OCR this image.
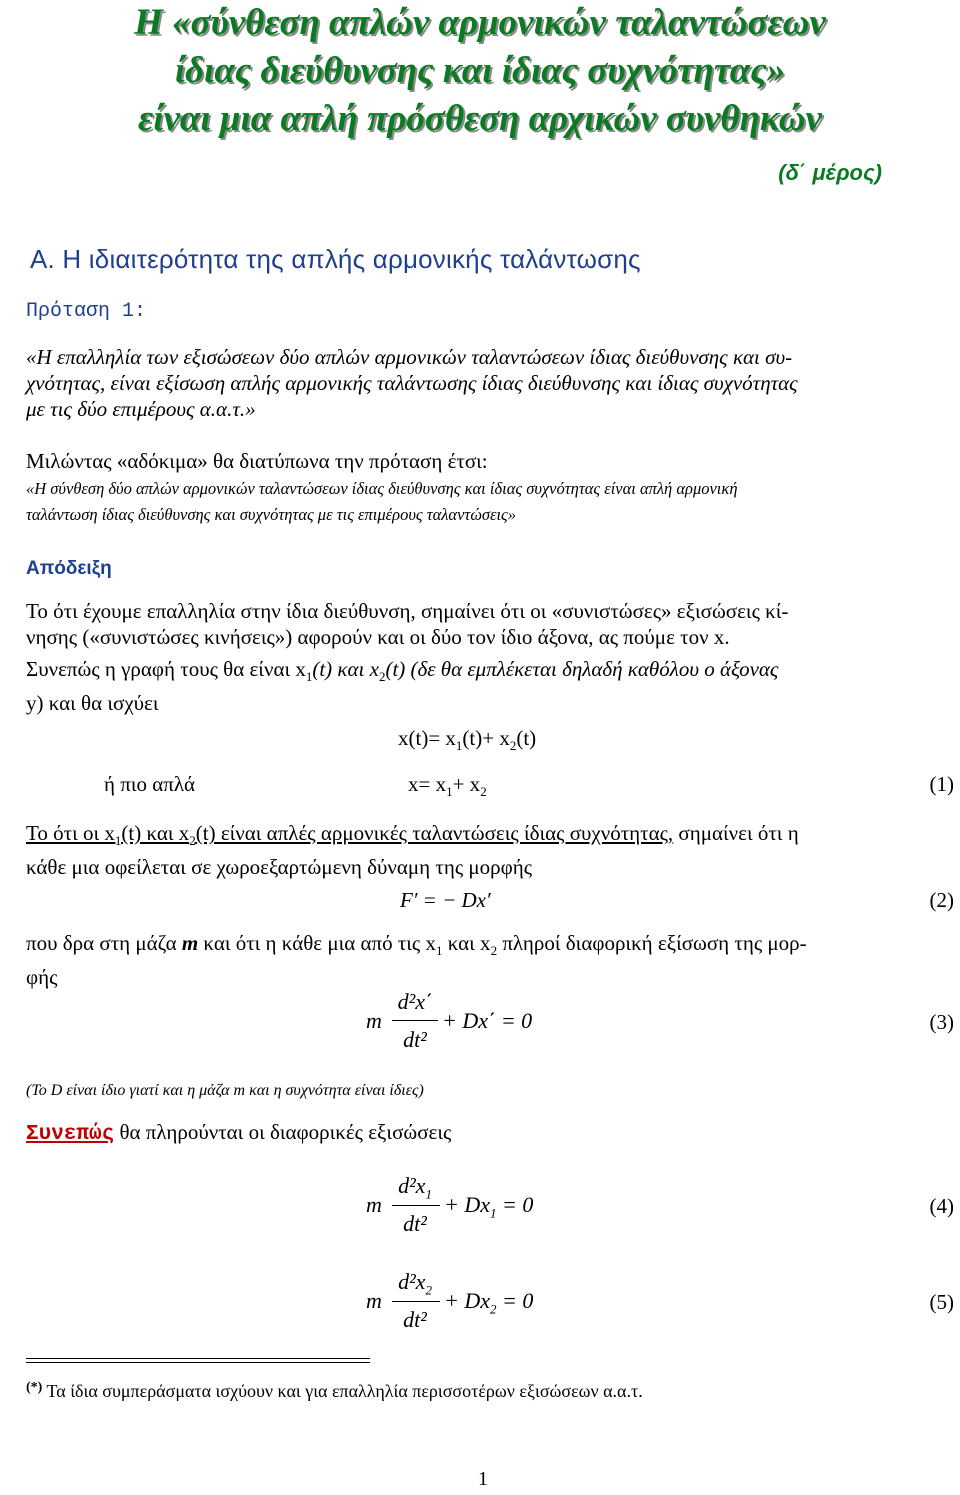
Η «σύνθεση απλών αρμονικών ταλαντώσεων
ίδιας διεύθυνσης και ίδιας συχνότητας»
είναι μια απλή πρόσθεση αρχικών συνθηκών
(δ΄ μέρος)
Α. Η ιδιαιτερότητα της απλής αρμονικής ταλάντωσης
Πρόταση 1:
«Η επαλληλία των εξισώσεων δύο απλών αρμονικών ταλαντώσεων ίδιας διεύθυνσης και συ-
χνότητας, είναι εξίσωση απλής αρμονικής ταλάντωσης ίδιας διεύθυνσης και ίδιας συχνότητας
με τις δύο επιμέρους α.α.τ.»
Μιλώντας «αδόκιμα» θα διατύπωνα την πρόταση έτσι:
«Η σύνθεση δύο απλών αρμονικών ταλαντώσεων ίδιας διεύθυνσης και ίδιας συχνότητας είναι απλή αρμονική
ταλάντωση ίδιας διεύθυνσης και συχνότητας με τις επιμέρους ταλαντώσεις»
Απόδειξη
Το ότι έχουμε επαλληλία στην ίδια διεύθυνση, σημαίνει ότι οι «συνιστώσες» εξισώσεις κί-
νησης («συνιστώσες κινήσεις») αφορούν και οι δύο τον ίδιο άξονα, ας πούμε τον x.
Συνεπώς η γραφή τους θα είναι $x_1(t)$ και $x_2(t)$ (δε θα εμπλέκεται δηλαδή καθόλου ο άξονας
y) και θα ισχύει
$x(t)= x_1(t)+ x_2(t)$
ή πιο απλά	$x= x_1+ x_2$	(1)
Το ότι οι $x_1(t)$ και $x_2(t)$ είναι απλές αρμονικές ταλαντώσεις ίδιας συχνότητας, σημαίνει ότι η
κάθε μια οφείλεται σε χωροεξαρτώμενη δύναμη της μορφής
F′ = − Dx′	(2)
που δρα στη μάζα m και ότι η κάθε μια από τις $x_1$ και $x_2$ πληροί διαφορική εξίσωση της μορ-
φής
m
d²x΄
dt²
+ Dx΄ = 0	(3)
(Το D είναι ίδιο γιατί και η μάζα m και η συχνότητα είναι ίδιες)
Συνεπώς θα πληρούνται οι διαφορικές εξισώσεις
m
$d^2x_1$
dt²
+ $Dx_1 = 0$	(4)
m
$d^2x_2$
dt²
+ $Dx_2 = 0$	(5)
(*) Τα ίδια συμπεράσματα ισχύουν και για επαλληλία περισσοτέρων εξισώσεων α.α.τ.
1
